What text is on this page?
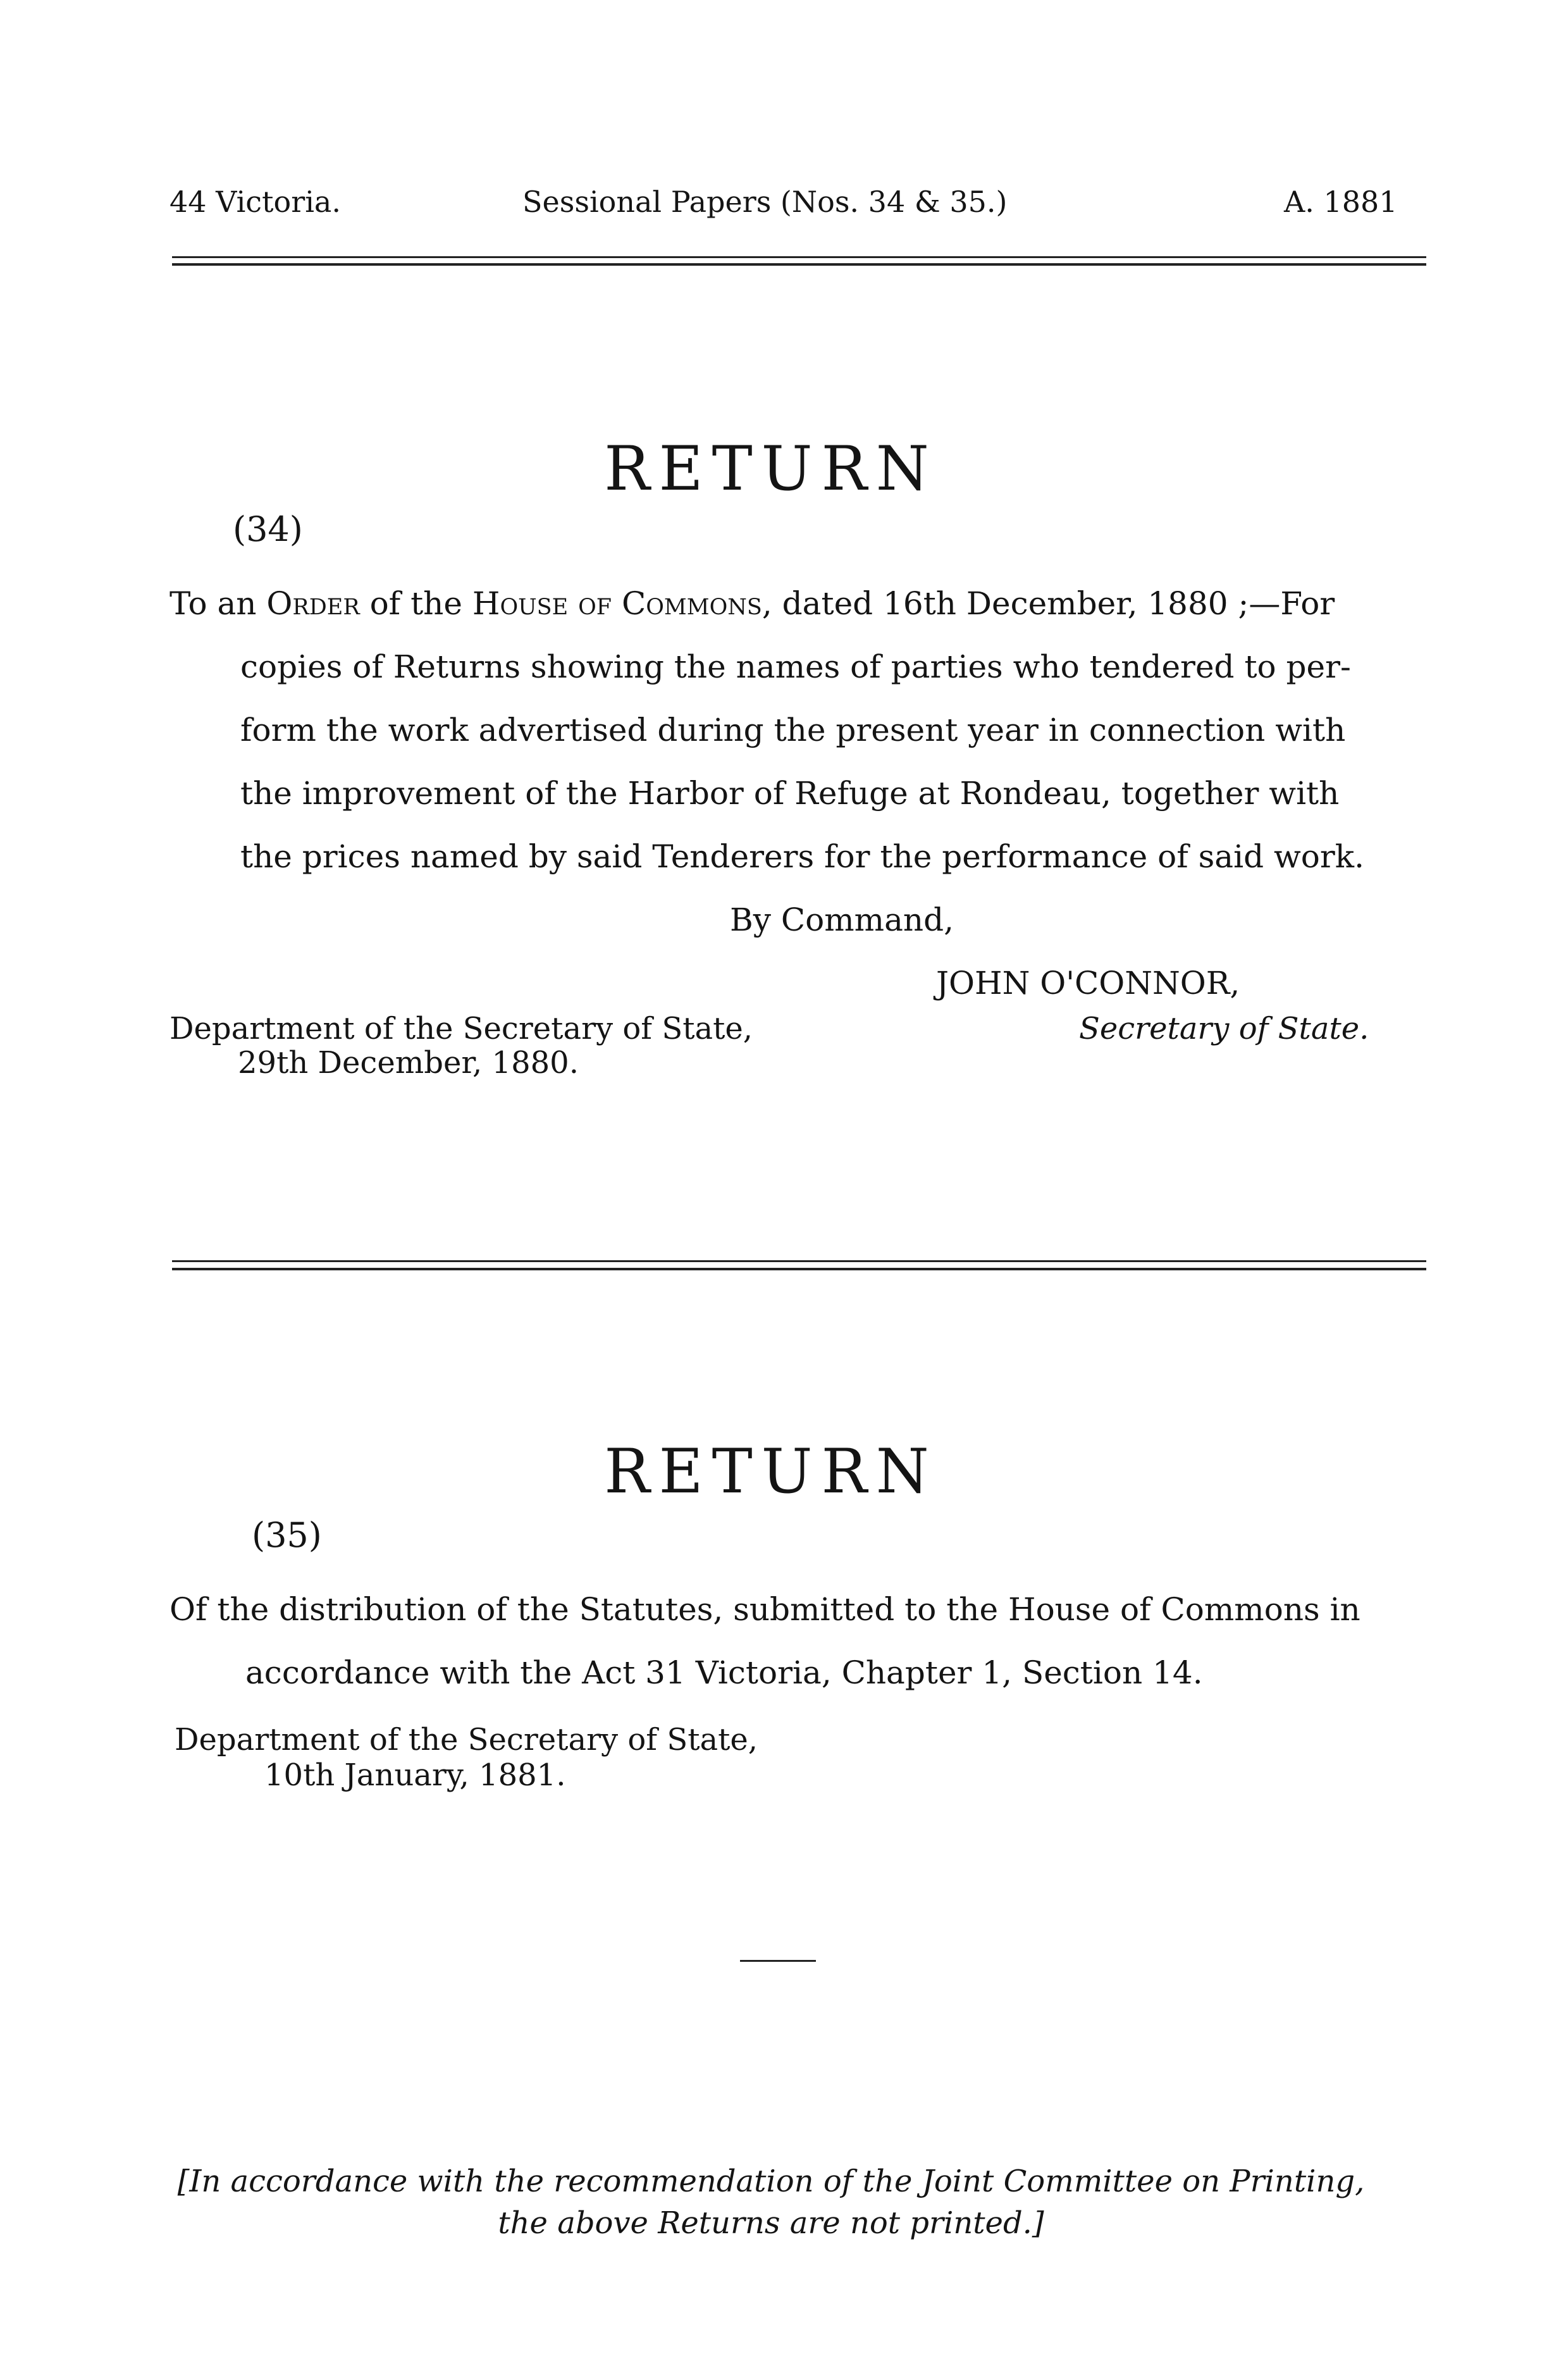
44 Victoria.	Sessional Papers (Nos. 34 & 35.)	A. 1881
RETURN
(34)
To an Order of the House of Commons, dated 16th December, 1880 ;—For
copies of Returns showing the names of parties who tendered to per-
form the work advertised during the present year in connection with
the improvement of the Harbor of Refuge at Rondeau, together with
the prices named by said Tenderers for the performance of said work.
By Command,
JOHN O'CONNOR,
Department of the Secretary of State,	Secretary of State.
29th December, 1880.
RETURN
(35)
Of the distribution of the Statutes, submitted to the House of Commons in
accordance with the Act 31 Victoria, Chapter 1, Section 14.
Department of the Secretary of State,
10th January, 1881.
[In accordance with the recommendation of the Joint Committee on Printing,
the above Returns are not printed.]
